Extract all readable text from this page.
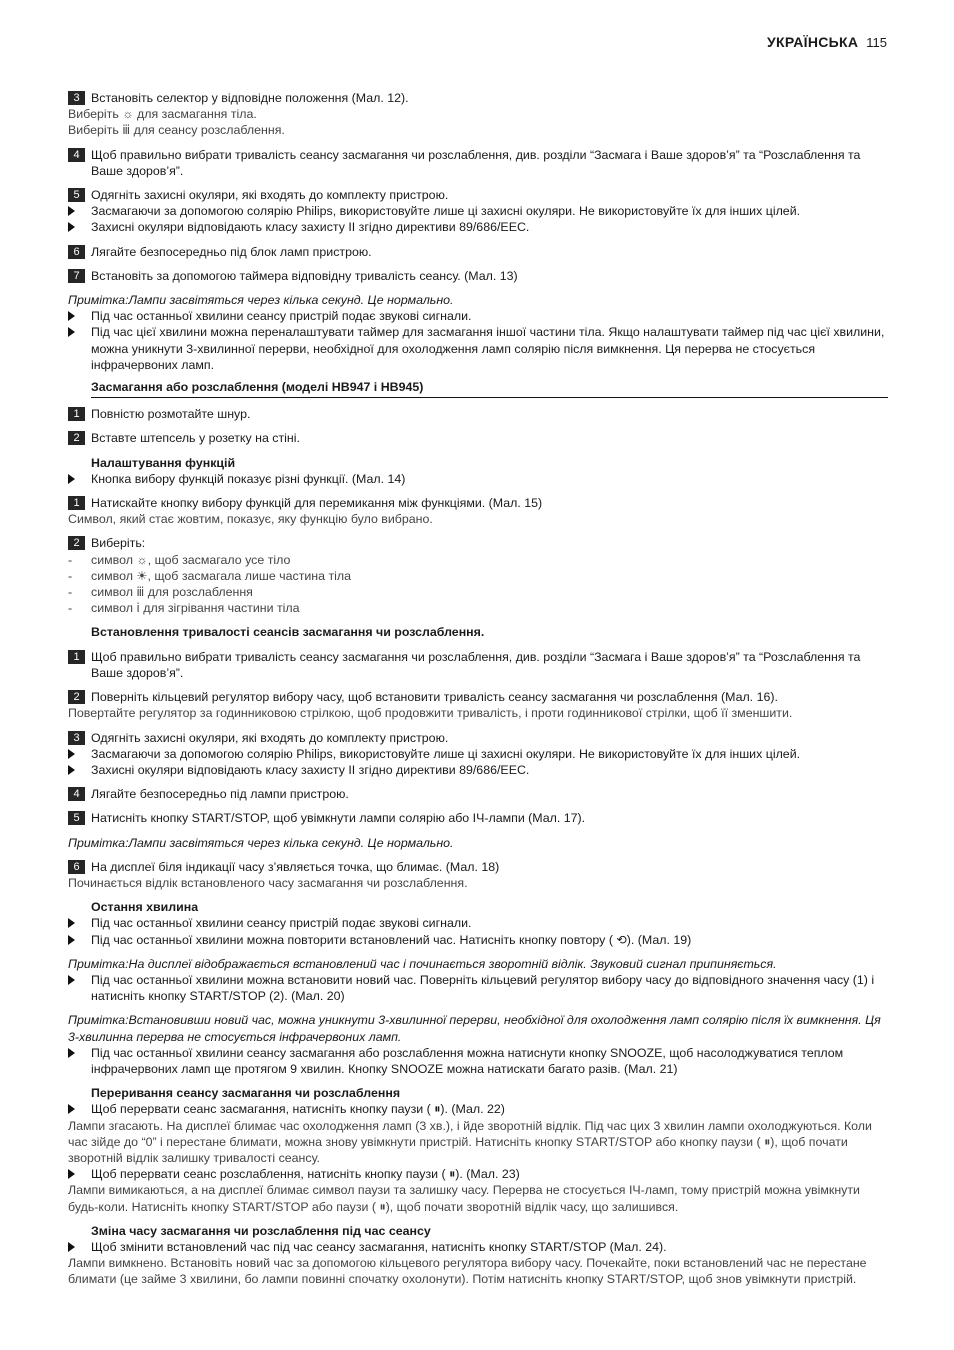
УКРАЇНСЬКА 115
3 Встановіть селектор у відповідне положення (Мал. 12).
Виберіть ☼ для засмагання тіла.
Виберіть ⅲ для сеансу розслаблення.
4 Щоб правильно вибрати тривалість сеансу засмагання чи розслаблення, див. розділи “Засмага і Ваше здоров’я” та “Розслаблення та Ваше здоров’я”.
5 Одягніть захисні окуляри, які входять до комплекту пристрою.
Засмагаючи за допомогою солярію Philips, використовуйте лише ці захисні окуляри. Не використовуйте їх для інших цілей.
Захисні окуляри відповідають класу захисту II згідно директиви 89/686/EEC.
6 Лягайте безпосередньо під блок ламп пристрою.
7 Встановіть за допомогою таймера відповідну тривалість сеансу. (Мал. 13)
Примітка:Лампи засвітяться через кілька секунд. Це нормально.
Під час останньої хвилини сеансу пристрій подає звукові сигнали.
Під час цієї хвилини можна переналаштувати таймер для засмагання іншої частини тіла. Якщо налаштувати таймер під час цієї хвилини, можна уникнути 3-хвилинної перерви, необхідної для охолодження ламп солярію після вимкнення. Ця перерва не стосується інфрачервоних ламп.
Засмагання або розслаблення (моделі HB947 і HB945)
1 Повністю розмотайте шнур.
2 Вставте штепсель у розетку на стіні.
Налаштування функцій
Кнопка вибору функцій показує різні функції. (Мал. 14)
1 Натискайте кнопку вибору функцій для перемикання між функціями. (Мал. 15)
Символ, який стає жовтим, показує, яку функцію було вибрано.
2 Виберіть:
-	символ ☼, щоб засмагало усе тіло
-	символ ☀, щоб засмагала лише частина тіла
-	символ ⅲ для розслаблення
-	символ ⅰ для зігрівання частини тіла
Встановлення тривалості сеансів засмагання чи розслаблення.
1 Щоб правильно вибрати тривалість сеансу засмагання чи розслаблення, див. розділи “Засмага і Ваше здоров’я” та “Розслаблення та Ваше здоров’я”.
2 Поверніть кільцевий регулятор вибору часу, щоб встановити тривалість сеансу засмагання чи розслаблення (Мал. 16).
Повертайте регулятор за годинниковою стрілкою, щоб продовжити тривалість, і проти годинникової стрілки, щоб її зменшити.
3 Одягніть захисні окуляри, які входять до комплекту пристрою.
Засмагаючи за допомогою солярію Philips, використовуйте лише ці захисні окуляри. Не використовуйте їх для інших цілей.
Захисні окуляри відповідають класу захисту II згідно директиви 89/686/EEC.
4 Лягайте безпосередньо під лампи пристрою.
5 Натисніть кнопку START/STOP, щоб увімкнути лампи солярію або ІЧ-лампи (Мал. 17).
Примітка:Лампи засвітяться через кілька секунд. Це нормально.
6 На дисплеї біля індикації часу з’являється точка, що блимає. (Мал. 18)
Починається відлік встановленого часу засмагання чи розслаблення.
Остання хвилина
Під час останньої хвилини сеансу пристрій подає звукові сигнали.
Під час останньої хвилини можна повторити встановлений час. Натисніть кнопку повтору ( ⟲). (Мал. 19)
Примітка:На дисплеї відображається встановлений час і починається зворотній відлік. Звуковий сигнал припиняється.
Під час останньої хвилини можна встановити новий час. Поверніть кільцевий регулятор вибору часу до відповідного значення часу (1) і натисніть кнопку START/STOP (2). (Мал. 20)
Примітка:Встановивши новий час, можна уникнути 3-хвилинної перерви, необхідної для охолодження ламп солярію після їх вимкнення. Ця 3-хвилинна перерва не стосується інфрачервоних ламп.
Під час останньої хвилини сеансу засмагання або розслаблення можна натиснути кнопку SNOOZE, щоб насолоджуватися теплом інфрачервоних ламп ще протягом 9 хвилин. Кнопку SNOOZE можна натискати багато разів. (Мал. 21)
Переривання сеансу засмагання чи розслаблення
Щоб перервати сеанс засмагання, натисніть кнопку паузи ( ⏸). (Мал. 22)
Лампи згасають. На дисплеї блимає час охолодження ламп (3 хв.), і йде зворотній відлік. Під час цих 3 хвилин лампи охолоджуються. Коли час зійде до “0” і перестане блимати, можна знову увімкнути пристрій. Натисніть кнопку START/STOP або кнопку паузи ( ⏸), щоб почати зворотній відлік залишку тривалості сеансу.
Щоб перервати сеанс розслаблення, натисніть кнопку паузи ( ⏸). (Мал. 23)
Лампи вимикаються, а на дисплеї блимає символ паузи та залишку часу. Перерва не стосується ІЧ-ламп, тому пристрій можна увімкнути будь-коли. Натисніть кнопку START/STOP або паузи ( ⏸), щоб почати зворотній відлік часу, що залишився.
Зміна часу засмагання чи розслаблення під час сеансу
Щоб змінити встановлений час під час сеансу засмагання, натисніть кнопку START/STOP (Мал. 24).
Лампи вимкнено. Встановіть новий час за допомогою кільцевого регулятора вибору часу. Почекайте, поки встановлений час не перестане блимати (це займе 3 хвилини, бо лампи повинні спочатку охолонути). Потім натисніть кнопку START/STOP, щоб знов увімкнути пристрій.
